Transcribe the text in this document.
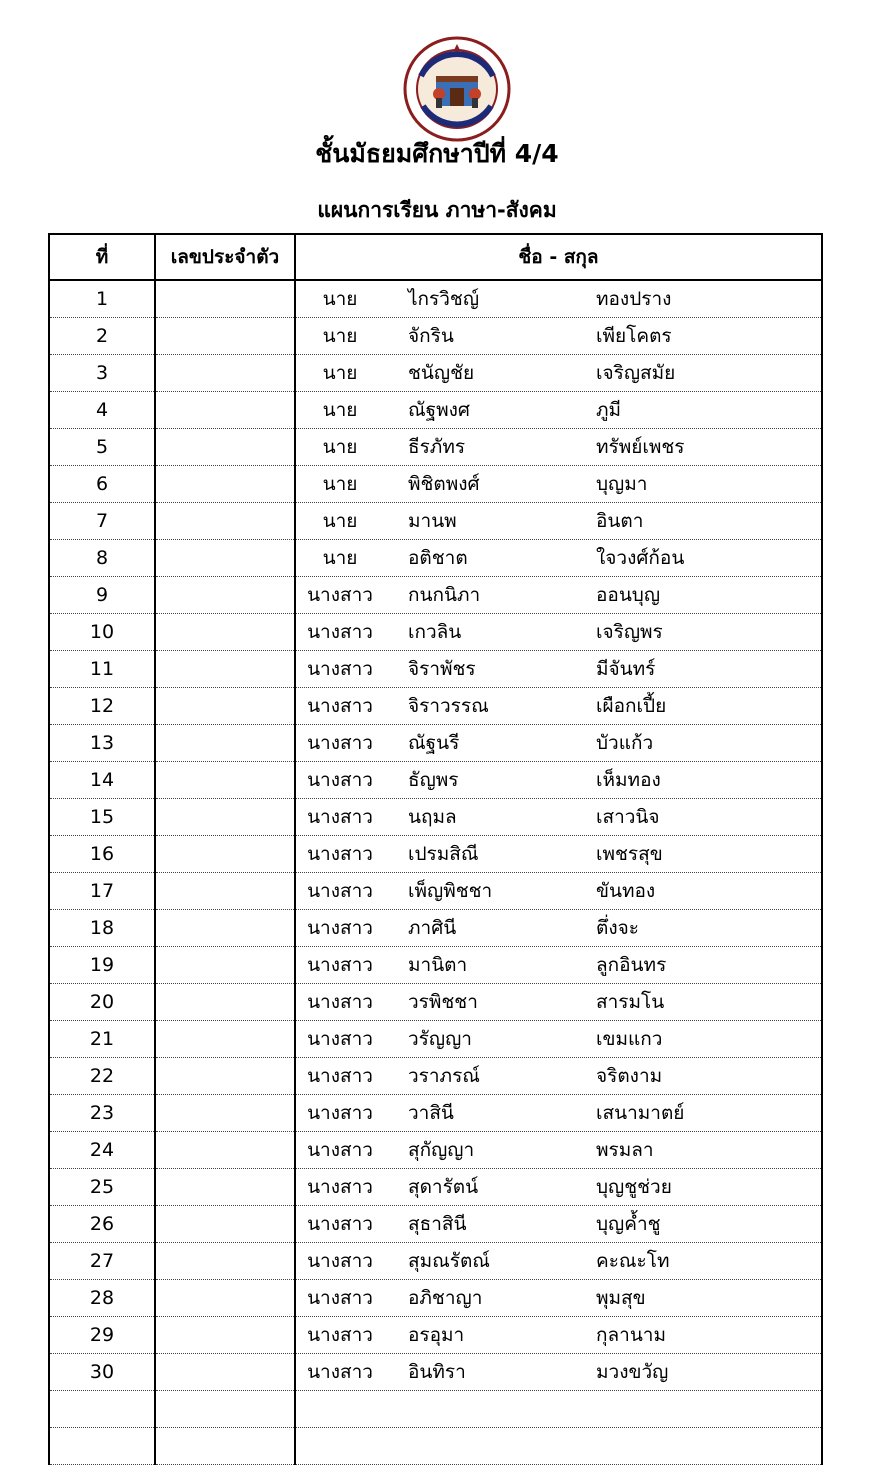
ชั้นมัธยมศึกษาปีที่ 4/4
แผนการเรียน ภาษา-สังคม
ที่	เลขประจำตัว	ชื่อ - สกุล
1		นาย ไกรวิชญ์ ทองปราง

2		นาย จักริน เพียโคตร

3		นาย ชนัญชัย เจริญสมัย

4		นาย ณัฐพงศ ภูมี

5		นาย ธีรภัทร ทรัพย์เพชร

6		นาย พิชิตพงศ์ บุญมา

7		นาย มานพ อินตา

8		นาย อติชาต ใจวงศ์ก้อน

9		นางสาว กนกนิภา ออนบุญ

10		นางสาว เกวลิน เจริญพร

11		นางสาว จิราพัชร มีจันทร์

12		นางสาว จิราวรรณ เผือกเปี้ย

13		นางสาว ณัฐนรี บัวแก้ว

14		นางสาว ธัญพร เห็มทอง

15		นางสาว นฤมล เสาวนิจ

16		นางสาว เปรมสิณี เพชรสุข

17		นางสาว เพ็ญพิชชา ขันทอง

18		นางสาว ภาศินี ตึ่งจะ

19		นางสาว มานิตา ลูกอินทร

20		นางสาว วรพิชชา สารมโน

21		นางสาว วรัญญา เขมแกว

22		นางสาว วราภรณ์ จริตงาม

23		นางสาว วาสินี เสนามาตย์

24		นางสาว สุกัญญา พรมลา

25		นางสาว สุดารัตน์ บุญชูช่วย

26		นางสาว สุธาสินี บุญค้ำชู

27		นางสาว สุมณรัตณ์ คะณะโท

28		นางสาว อภิชาญา พุมสุข

29		นางสาว อรอุมา กุลานาม

30		นางสาว อินทิรา มวงขวัญ
